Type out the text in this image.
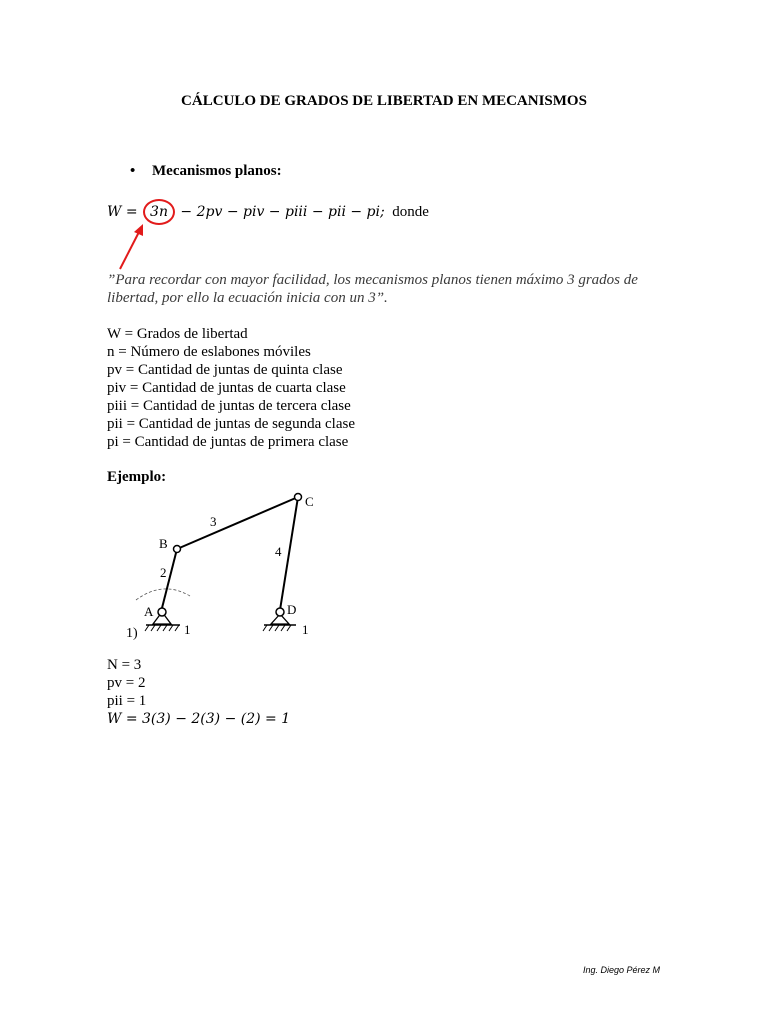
CÁLCULO DE GRADOS DE LIBERTAD EN MECANISMOS
• Mecanismos planos:
W = 3n − 2pv − piv − piii − pii − pi; donde

”Para recordar con mayor facilidad, los mecanismos planos tienen máximo 3 grados de libertad, por ello la ecuación inicia con un 3”.

W = Grados de libertad
n = Número de eslabones móviles
pv = Cantidad de juntas de quinta clase
piv = Cantidad de juntas de cuarta clase
piii = Cantidad de juntas de tercera clase
pii = Cantidad de juntas de segunda clase
pi = Cantidad de juntas de primera clase
Ejemplo:
A
B
C
D
2
3
4
1	1
1)
N = 3
pv = 2
pii = 1
W = 3(3) − 2(3) − (2) = 1
Ing. Diego Pérez M
